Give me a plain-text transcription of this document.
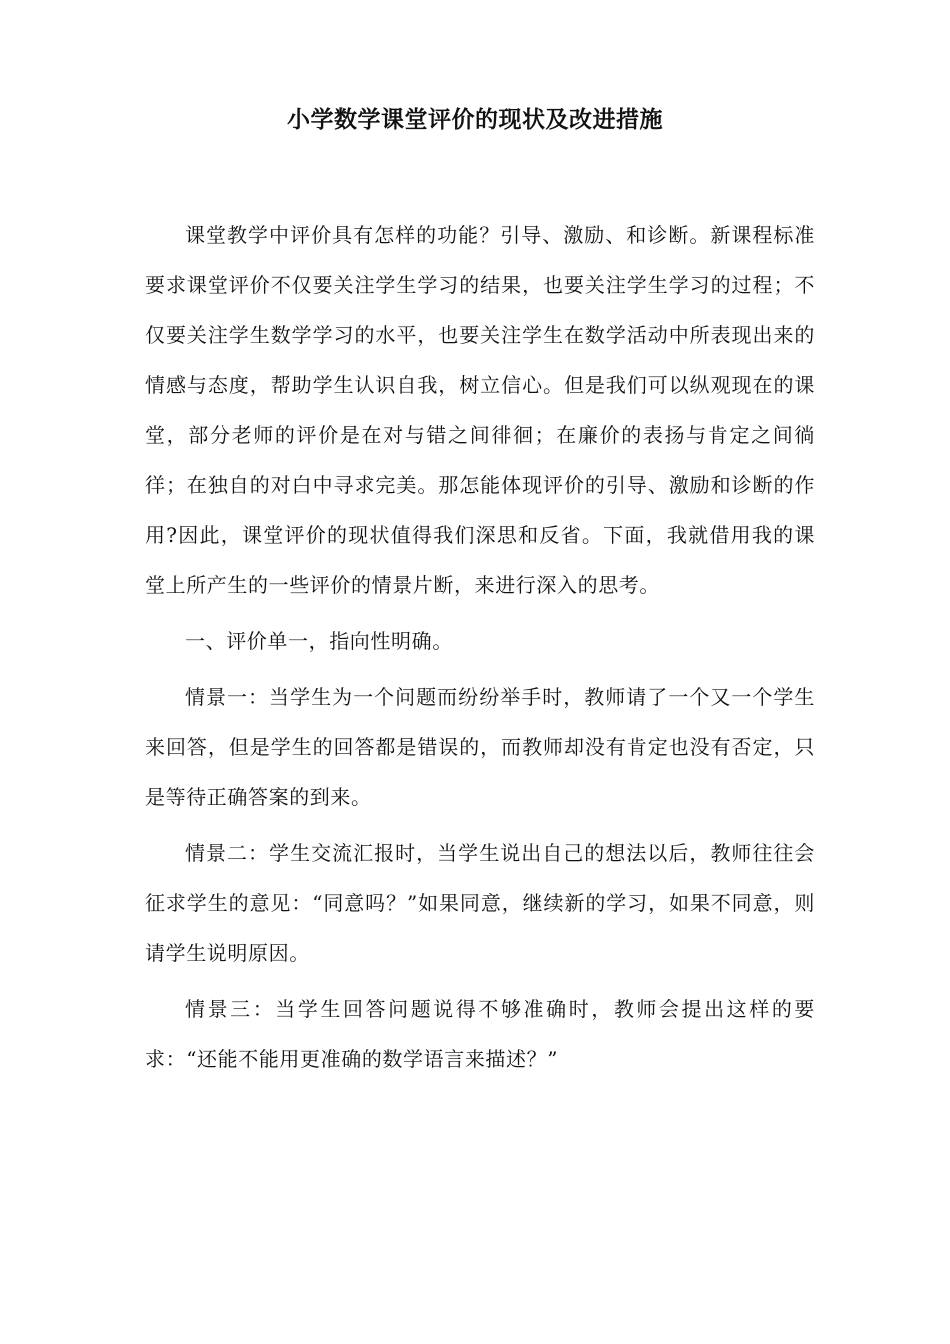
小学数学课堂评价的现状及改进措施

课堂教学中评价具有怎样的功能？引导、激励、和诊断。新课程标准要求课堂评价不仅要关注学生学习的结果，也要关注学生学习的过程；不仅要关注学生数学学习的水平，也要关注学生在数学活动中所表现出来的情感与态度，帮助学生认识自我，树立信心。但是我们可以纵观现在的课堂，部分老师的评价是在对与错之间徘徊；在廉价的表扬与肯定之间徜徉；在独自的对白中寻求完美。那怎能体现评价的引导、激励和诊断的作用?因此，课堂评价的现状值得我们深思和反省。下面，我就借用我的课堂上所产生的一些评价的情景片断，来进行深入的思考。

一、评价单一，指向性明确。

情景一：当学生为一个问题而纷纷举手时，教师请了一个又一个学生来回答，但是学生的回答都是错误的，而教师却没有肯定也没有否定，只是等待正确答案的到来。

情景二：学生交流汇报时，当学生说出自己的想法以后，教师往往会征求学生的意见：“同意吗？”如果同意，继续新的学习，如果不同意，则请学生说明原因。

情景三：当学生回答问题说得不够准确时，教师会提出这样的要求：“还能不能用更准确的数学语言来描述？”
